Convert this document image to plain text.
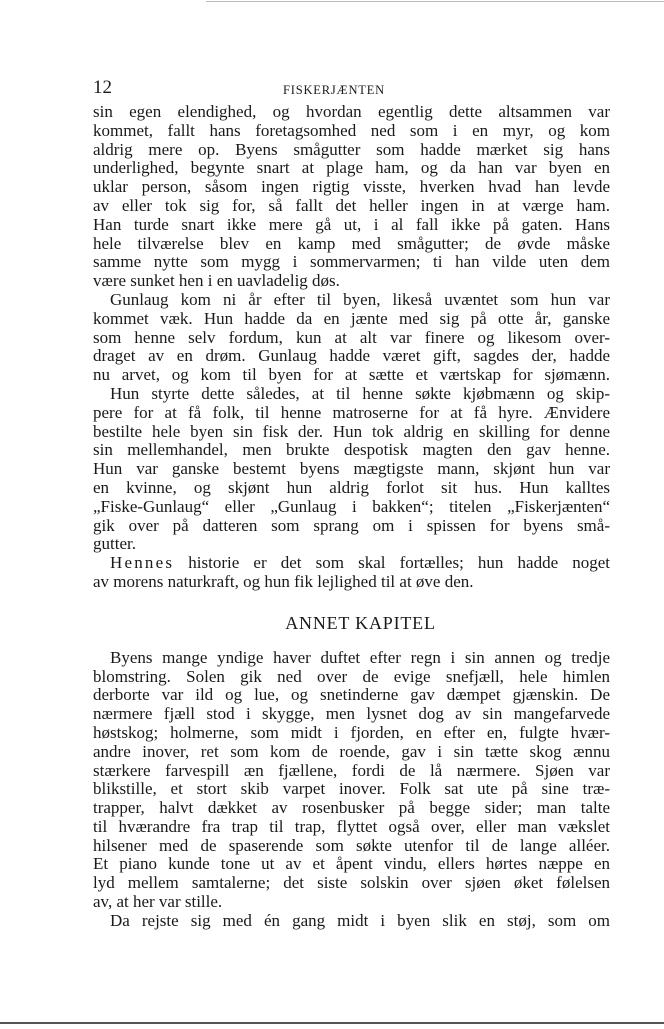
12	FISKERJÆNTEN
sin egen elendighed, og hvordan egentlig dette altsammen var
kommet, fallt hans foretagsomhed ned som i en myr, og kom
aldrig mere op. Byens smågutter som hadde mærket sig hans
underlighed, begynte snart at plage ham, og da han var byen en
uklar person, såsom ingen rigtig visste, hverken hvad han levde
av eller tok sig for, så fallt det heller ingen in at værge ham.
Han turde snart ikke mere gå ut, i al fall ikke på gaten. Hans
hele tilværelse blev en kamp med smågutter; de øvde måske
samme nytte som mygg i sommervarmen; ti han vilde uten dem
være sunket hen i en uavladelig døs.
Gunlaug kom ni år efter til byen, likeså uvæntet som hun var
kommet væk. Hun hadde da en jænte med sig på otte år, ganske
som henne selv fordum, kun at alt var finere og likesom over-
draget av en drøm. Gunlaug hadde været gift, sagdes der, hadde
nu arvet, og kom til byen for at sætte et værtskap for sjømænn.
Hun styrte dette således, at til henne søkte kjøbmænn og skip-
pere for at få folk, til henne matroserne for at få hyre. Ænvidere
bestilte hele byen sin fisk der. Hun tok aldrig en skilling for denne
sin mellemhandel, men brukte despotisk magten den gav henne.
Hun var ganske bestemt byens mægtigste mann, skjønt hun var
en kvinne, og skjønt hun aldrig forlot sit hus. Hun kalltes
„Fiske-Gunlaug“ eller „Gunlaug i bakken“; titelen „Fiskerjænten“
gik over på datteren som sprang om i spissen for byens små-
gutter.
Hennes historie er det som skal fortælles; hun hadde noget
av morens naturkraft, og hun fik lejlighed til at øve den.
ANNET KAPITEL
Byens mange yndige haver duftet efter regn i sin annen og tredje
blomstring. Solen gik ned over de evige snefjæll, hele himlen
derborte var ild og lue, og snetinderne gav dæmpet gjænskin. De
nærmere fjæll stod i skygge, men lysnet dog av sin mangefarvede
høstskog; holmerne, som midt i fjorden, en efter en, fulgte hvær-
andre inover, ret som kom de roende, gav i sin tætte skog ænnu
stærkere farvespill æn fjællene, fordi de lå nærmere. Sjøen var
blikstille, et stort skib varpet inover. Folk sat ute på sine træ-
trapper, halvt dækket av rosenbusker på begge sider; man talte
til hværandre fra trap til trap, flyttet også over, eller man vækslet
hilsener med de spaserende som søkte utenfor til de lange alléer.
Et piano kunde tone ut av et åpent vindu, ellers hørtes næppe en
lyd mellem samtalerne; det siste solskin over sjøen øket følelsen
av, at her var stille.
Da rejste sig med én gang midt i byen slik en støj, som om
